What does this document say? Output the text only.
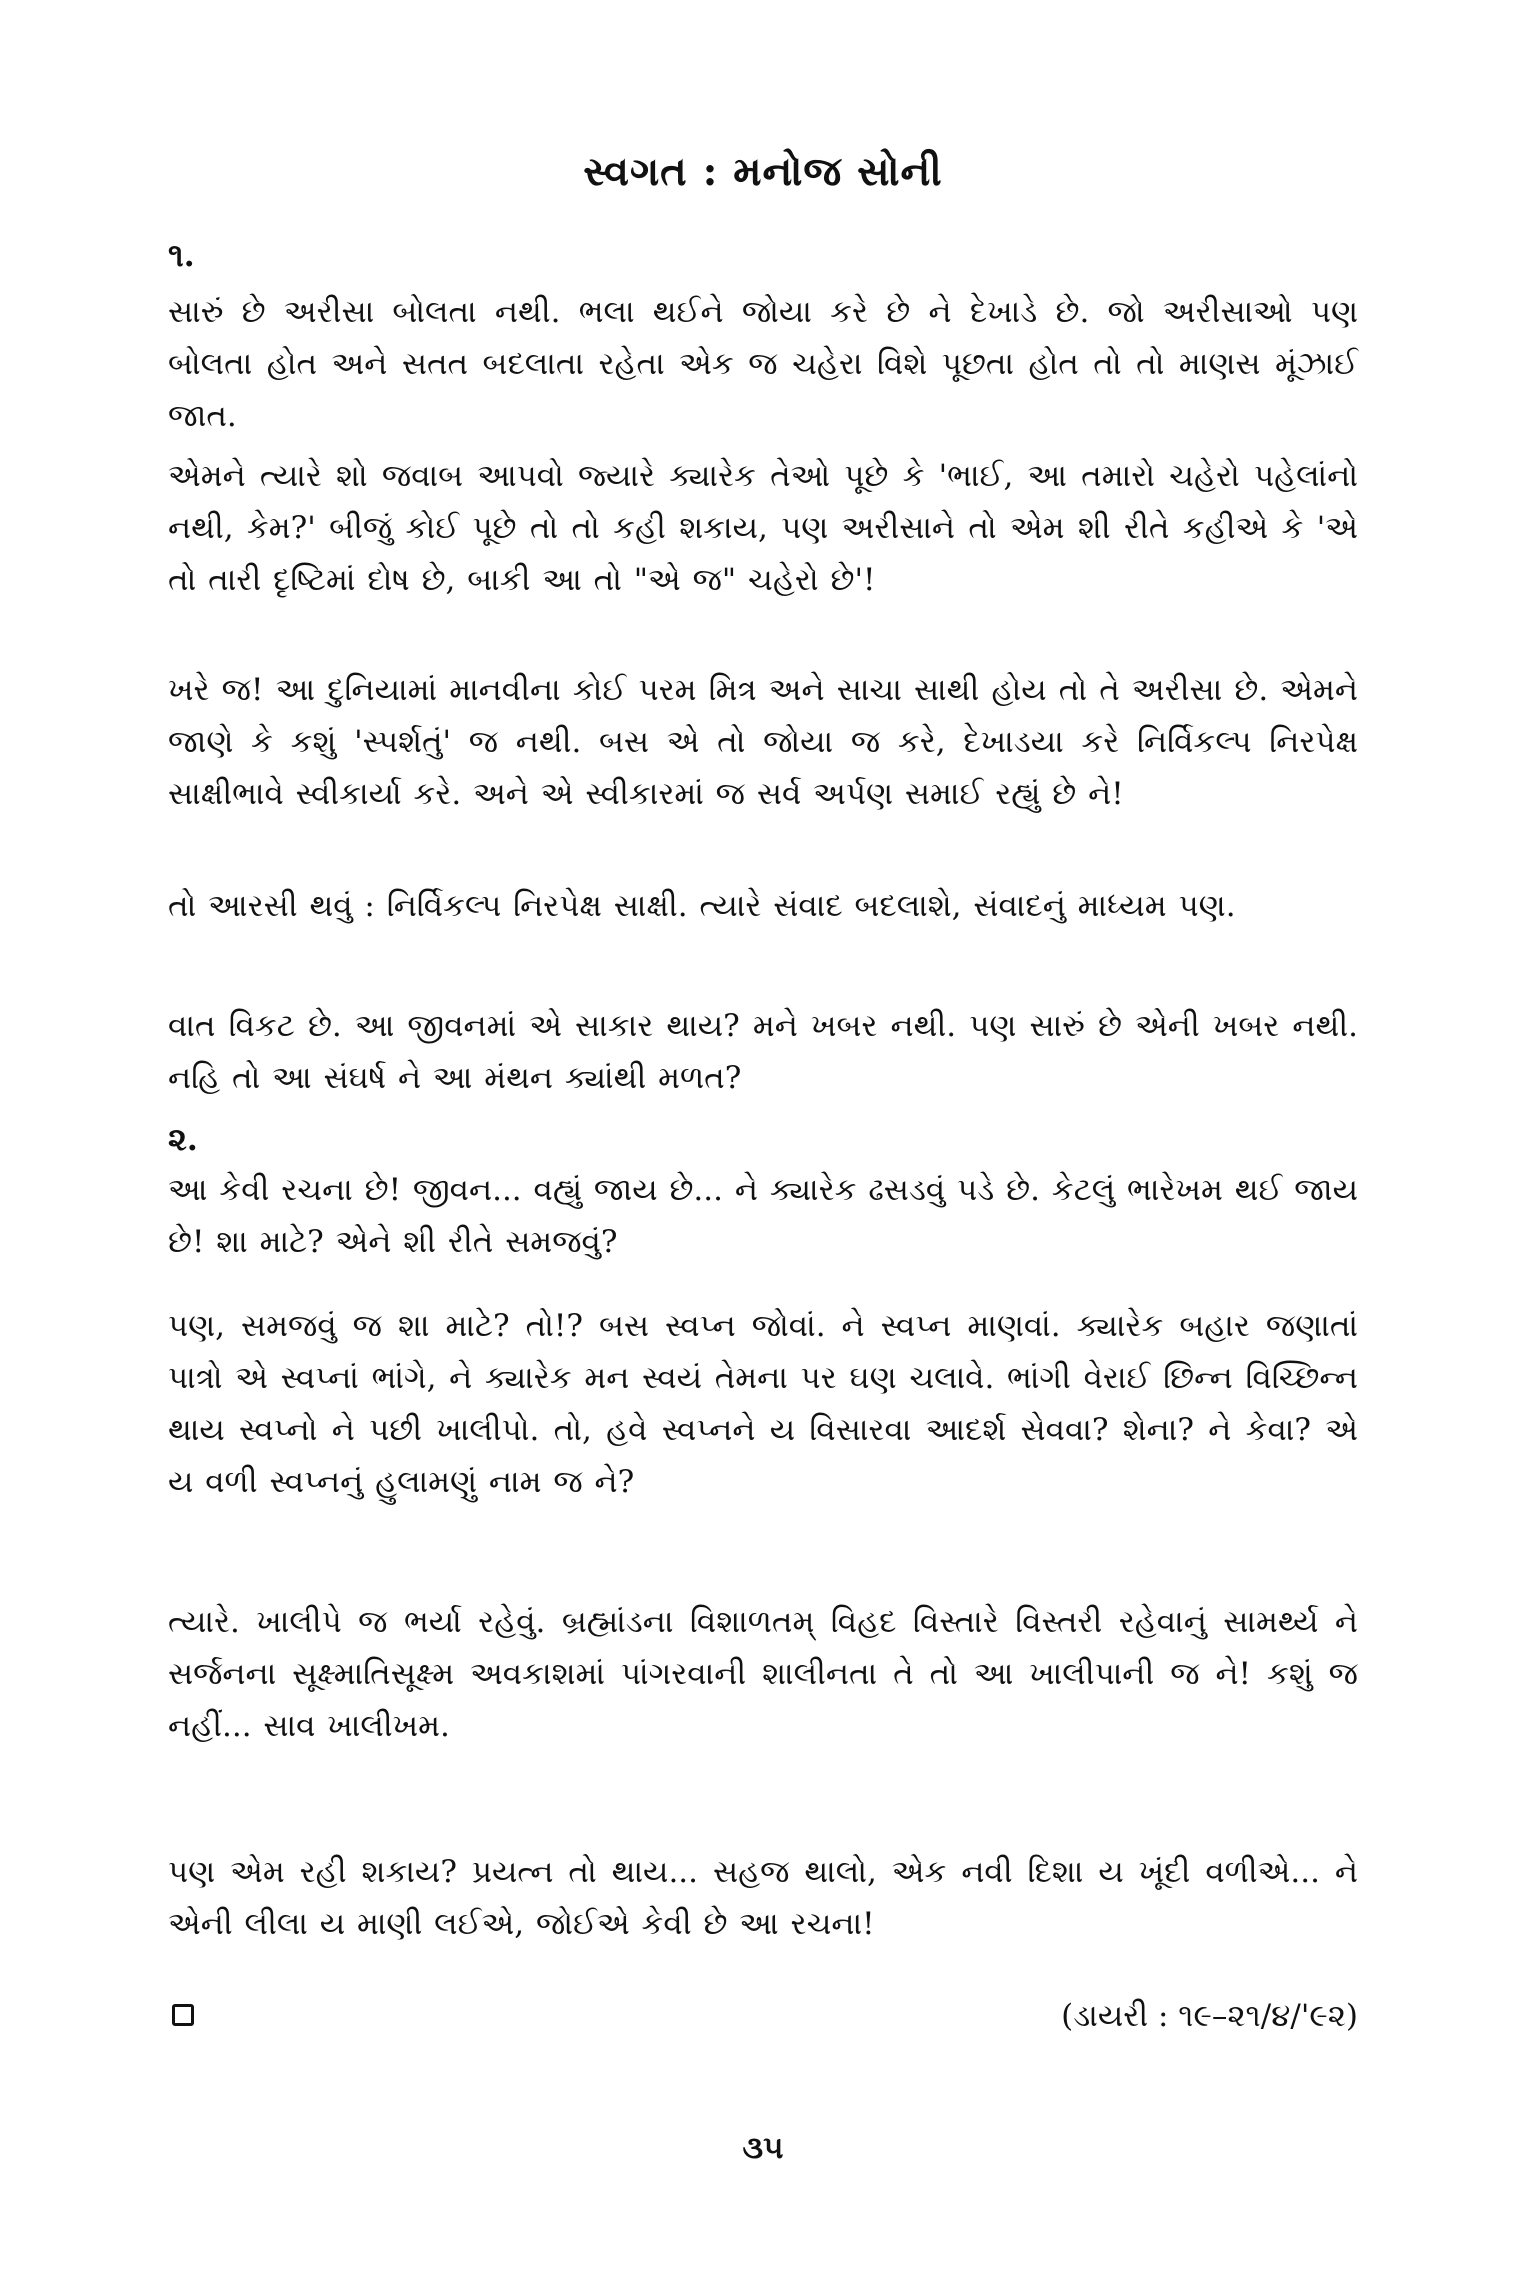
સ્વગત : મનોજ સોની
૧.
સારું છે અરીસા બોલતા નથી. ભલા થઈને જોયા કરે છે ને દેખાડે છે. જો અરીસાઓ પણ બોલતા હોત અને સતત બદલાતા રહેતા એક જ ચહેરા વિશે પૂછતા હોત તો તો માણસ મૂંઝાઈ જાત.
એમને ત્યારે શો જવાબ આપવો જ્યારે ક્યારેક તેઓ પૂછે કે 'ભાઈ, આ તમારો ચહેરો પહેલાંનો નથી, કેમ?' બીજું કોઈ પૂછે તો તો કહી શકાય, પણ અરીસાને તો એમ શી રીતે કહીએ કે 'એ તો તારી દૃષ્ટિમાં દોષ છે, બાકી આ તો "એ જ" ચહેરો છે'!
ખરે જ! આ દુનિયામાં માનવીના કોઈ પરમ મિત્ર અને સાચા સાથી હોય તો તે અરીસા છે. એમને જાણે કે કશું 'સ્પર્શતું' જ નથી. બસ એ તો જોયા જ કરે, દેખાડયા કરે નિર્વિકલ્પ નિરપેક્ષ સાક્ષીભાવે સ્વીકાર્યા કરે. અને એ સ્વીકારમાં જ સર્વ અર્પણ સમાઈ રહ્યું છે ને!
તો આરસી થવું : નિર્વિકલ્પ નિરપેક્ષ સાક્ષી. ત્યારે સંવાદ બદલાશે, સંવાદનું માધ્યમ પણ.
વાત વિકટ છે. આ જીવનમાં એ સાકાર થાય? મને ખબર નથી. પણ સારું છે એની ખબર નથી. નહિ તો આ સંઘર્ષ ને આ મંથન ક્યાંથી મળત?
૨.
આ કેવી રચના છે! જીવન... વહ્યું જાય છે... ને ક્યારેક ઢસડવું પડે છે. કેટલું ભારેખમ થઈ જાય છે! શા માટે? એને શી રીતે સમજવું?
પણ, સમજવું જ શા માટે? તો!? બસ સ્વપ્ન જોવાં. ને સ્વપ્ન માણવાં. ક્યારેક બહાર જણાતાં પાત્રો એ સ્વપ્નાં ભાંગે, ને ક્યારેક મન સ્વયં તેમના પર ઘણ ચલાવે. ભાંગી વેરાઈ છિન્ન વિચ્છિન્ન થાય સ્વપ્નો ને પછી ખાલીપો. તો, હવે સ્વપ્નને ય વિસારવા આદર્શ સેવવા? શેના? ને કેવા? એ ય વળી સ્વપ્નનું હુલામણું નામ જ ને?
ત્યારે. ખાલીપે જ ભર્યા રહેવું. બ્રહ્માંડના વિશાળતમ્ વિહદ વિસ્તારે વિસ્તરી રહેવાનું સામર્થ્ય ને સર્જનના સૂક્ષ્માતિસૂક્ષ્મ અવકાશમાં પાંગરવાની શાલીનતા તે તો આ ખાલીપાની જ ને! કશું જ નહીં... સાવ ખાલીખમ.
પણ એમ રહી શકાય? પ્રયત્ન તો થાય... સહજ થાલો, એક નવી દિશા ય ખૂંદી વળીએ... ને એની લીલા ય માણી લઈએ, જોઈએ કેવી છે આ રચના!
(ડાયરી : ૧૯–૨૧/૪/'૯૨)
૩૫
